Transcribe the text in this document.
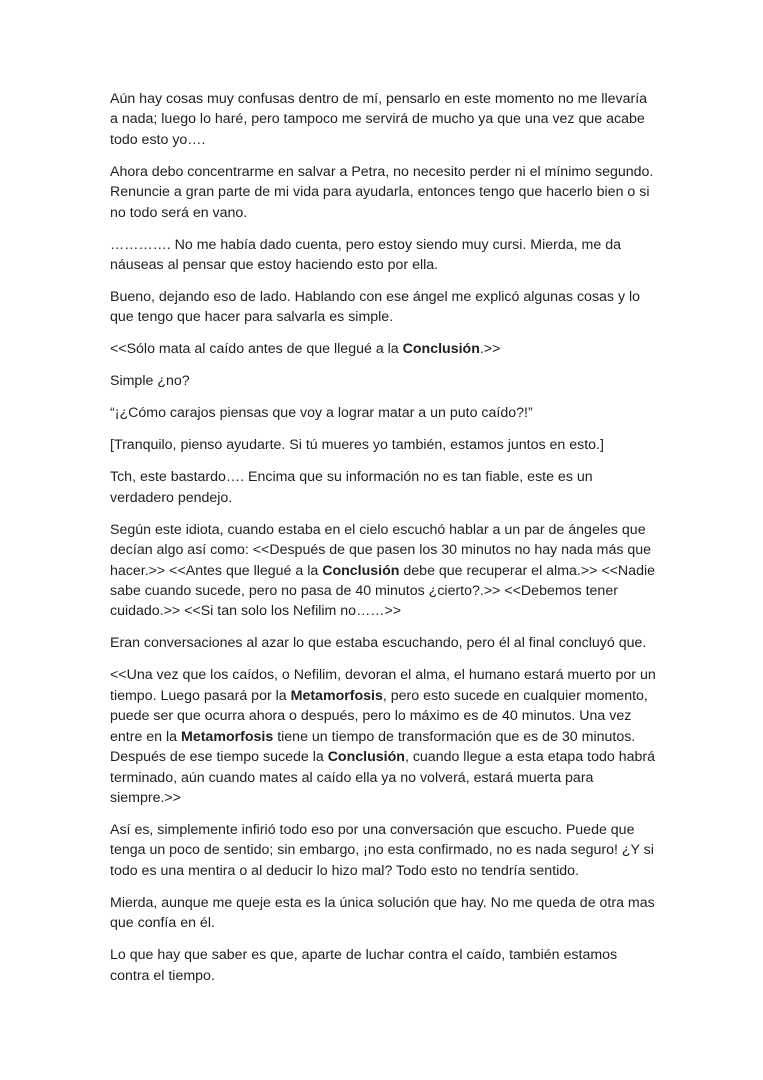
Aún hay cosas muy confusas dentro de mí, pensarlo en este momento no me llevaría a nada; luego lo haré, pero tampoco me servirá de mucho ya que una vez que acabe todo esto yo….

Ahora debo concentrarme en salvar a Petra, no necesito perder ni el mínimo segundo. Renuncie a gran parte de mi vida para ayudarla, entonces tengo que hacerlo bien o si no todo será en vano.

…………. No me había dado cuenta, pero estoy siendo muy cursi. Mierda, me da náuseas al pensar que estoy haciendo esto por ella.

Bueno, dejando eso de lado. Hablando con ese ángel me explicó algunas cosas y lo que tengo que hacer para salvarla es simple.

<<Sólo mata al caído antes de que llegué a la Conclusión.>>

Simple ¿no?

“¡¿Cómo carajos piensas que voy a lograr matar a un puto caído?!”

[Tranquilo, pienso ayudarte. Si tú mueres yo también, estamos juntos en esto.]

Tch, este bastardo…. Encima que su información no es tan fiable, este es un verdadero pendejo.

Según este idiota, cuando estaba en el cielo escuchó hablar a un par de ángeles que decían algo así como: <<Después de que pasen los 30 minutos no hay nada más que hacer.>> <<Antes que llegué a la Conclusión debe que recuperar el alma.>> <<Nadie sabe cuando sucede, pero no pasa de 40 minutos ¿cierto?.>> <<Debemos tener cuidado.>> <<Si tan solo los Nefilim no……>>

Eran conversaciones al azar lo que estaba escuchando, pero él al final concluyó que.

<<Una vez que los caídos, o Nefilim, devoran el alma, el humano estará muerto por un tiempo. Luego pasará por la Metamorfosis, pero esto sucede en cualquier momento, puede ser que ocurra ahora o después, pero lo máximo es de 40 minutos. Una vez entre en la Metamorfosis tiene un tiempo de transformación que es de 30 minutos. Después de ese tiempo sucede la Conclusión, cuando llegue a esta etapa todo habrá terminado, aún cuando mates al caído ella ya no volverá, estará muerta para siempre.>>

Así es, simplemente infirió todo eso por una conversación que escucho. Puede que tenga un poco de sentido; sin embargo, ¡no esta confirmado, no es nada seguro! ¿Y si todo es una mentira o al deducir lo hizo mal? Todo esto no tendría sentido.

Mierda, aunque me queje esta es la única solución que hay. No me queda de otra mas que confía en él.

Lo que hay que saber es que, aparte de luchar contra el caído, también estamos contra el tiempo.
